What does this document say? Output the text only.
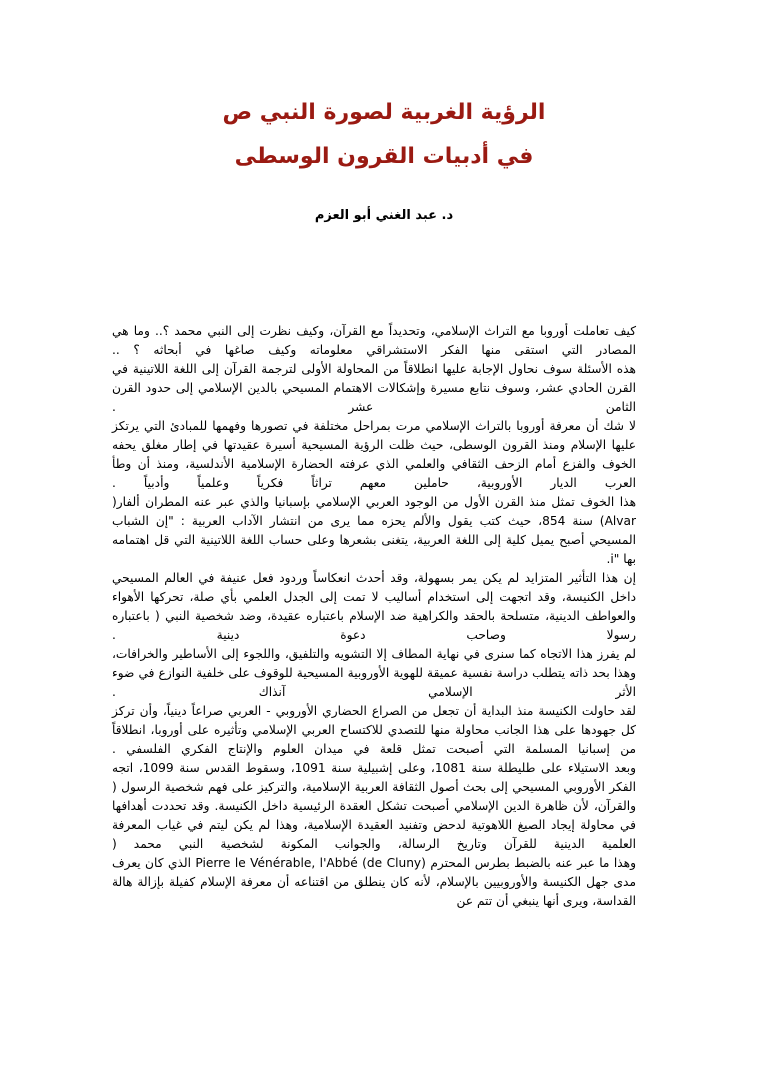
الرؤية الغربية لصورة النبي ص
في أدبيات القرون الوسطى

د. عبد الغني أبو العزم

كيف تعاملت أوروبا مع التراث الإسلامي، وتحديداً مع القرآن، وكيف نظرت إلى النبي محمد ؟.. وما هي المصادر التي استقى منها الفكر الاستشراقي معلوماته وكيف صاغها في أبحاثه ؟ ..

هذه الأسئلة سوف نحاول الإجابة عليها انطلاقاً من المحاولة الأولى لترجمة القرآن إلى اللغة اللاتينية في القرن الحادي عشر، وسوف نتابع مسيرة وإشكالات الاهتمام المسيحي بالدين الإسلامي إلى حدود القرن الثامن عشر .

لا شك أن معرفة أوروبا بالتراث الإسلامي مرت بمراحل مختلفة في تصورها وفهمها للمبادئ التي يرتكز عليها الإسلام ومنذ القرون الوسطى، حيث ظلت الرؤية المسيحية أسيرة عقيدتها في إطار مغلق يحفه الخوف والفزع أمام الزحف الثقافي والعلمي الذي عرفته الحضارة الإسلامية الأندلسية، ومنذ أن وطأ العرب الديار الأوروبية، حاملين معهم تراثاً فكرياً وعلمياً وأدبياً .

هذا الخوف تمثل منذ القرن الأول من الوجود العربي الإسلامي بإسبانيا والذي عبر عنه المطران ألفار( Alvar) سنة 854، حيث كتب يقول والألم يحزه مما يرى من انتشار الآداب العربية : "إن الشباب المسيحي أصبح يميل كلية إلى اللغة العربية، يتغنى بشعرها وعلى حساب اللغة اللاتينية التي قل اهتمامه بها "i.

إن هذا التأثير المتزايد لم يكن يمر بسهولة، وقد أحدث انعكاساً وردود فعل عنيفة في العالم المسيحي داخل الكنيسة، وقد اتجهت إلى استخدام أساليب لا تمت إلى الجدل العلمي بأي صلة، تحركها الأهواء والعواطف الدينية، متسلحة بالحقد والكراهية ضد الإسلام باعتباره عقيدة، وضد شخصية النبي ( باعتباره رسولا وصاحب دعوة دينية .

لم يفرز هذا الاتجاه كما سنرى في نهاية المطاف إلا التشويه والتلفيق، واللجوء إلى الأساطير والخرافات، وهذا بحد ذاته يتطلب دراسة نفسية عميقة للهوية الأوروبية المسيحية للوقوف على خلفية النوازع في ضوء الأثر الإسلامي آنذاك .

لقد حاولت الكنيسة منذ البداية أن تجعل من الصراع الحضاري الأوروبي - العربي صراعاً دينياً، وأن تركز كل جهودها على هذا الجانب محاولة منها للتصدي للاكتساح العربي الإسلامي وتأثيره على أوروبا، انطلاقاً من إسبانيا المسلمة التي أصبحت تمثل قلعة في ميدان العلوم والإنتاج الفكري الفلسفي .

وبعد الاستيلاء على طليطلة سنة 1081، وعلى إشبيلية سنة 1091، وسقوط القدس سنة 1099، اتجه الفكر الأوروبي المسيحي إلى بحث أصول الثقافة العربية الإسلامية، والتركيز على فهم شخصية الرسول ( والقرآن، لأن ظاهرة الدين الإسلامي أصبحت تشكل العقدة الرئيسية داخل الكنيسة. وقد تحددت أهدافها في محاولة إيجاد الصيغ اللاهوتية لدحض وتفنيد العقيدة الإسلامية، وهذا لم يكن ليتم في غياب المعرفة العلمية الدينية للقرآن وتاريخ الرسالة، والجوانب المكونة لشخصية النبي محمد (

وهذا ما عبر عنه بالضبط بطرس المحترم (Pierre le Vénérable, l'Abbé (de Cluny الذي كان يعرف مدى جهل الكنيسة والأوروبيين بالإسلام، لأنه كان ينطلق من اقتناعه أن معرفة الإسلام كفيلة بإزالة هالة القداسة، ويرى أنها ينبغي أن تتم عن
